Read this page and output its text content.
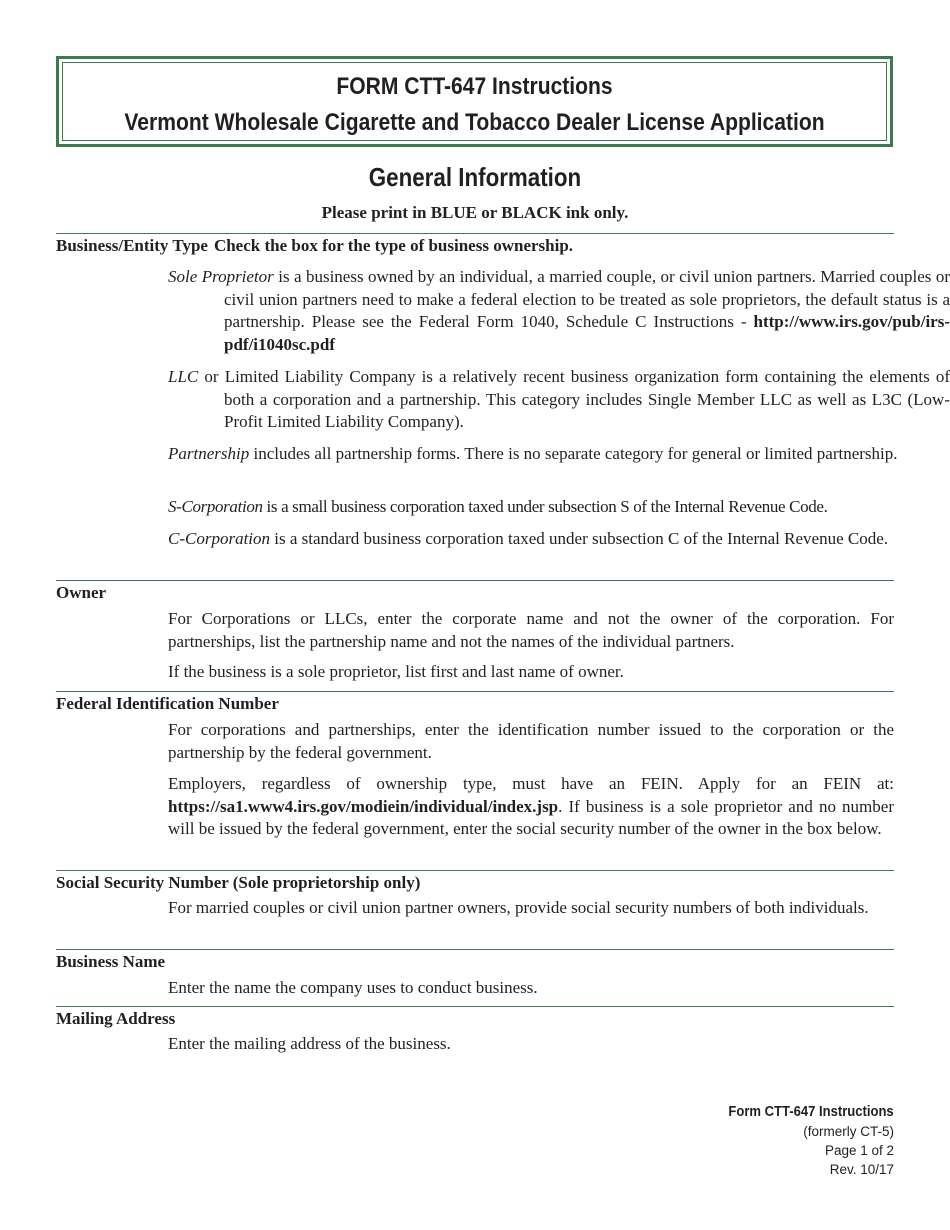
FORM CTT-647 Instructions
Vermont Wholesale Cigarette and Tobacco Dealer License Application
General Information
Please print in BLUE or BLACK ink only.
Business/Entity Type Check the box for the type of business ownership.
Sole Proprietor is a business owned by an individual, a married couple, or civil union partners. Married couples or civil union partners need to make a federal election to be treated as sole proprietors, the default status is a partnership. Please see the Federal Form 1040, Schedule C Instructions - http://www.irs.gov/pub/irs-pdf/i1040sc.pdf
LLC or Limited Liability Company is a relatively recent business organization form containing the elements of both a corporation and a partnership. This category includes Single Member LLC as well as L3C (Low-Profit Limited Liability Company).
Partnership includes all partnership forms. There is no separate category for general or limited partnership.
S-Corporation is a small business corporation taxed under subsection S of the Internal Revenue Code.
C-Corporation is a standard business corporation taxed under subsection C of the Internal Revenue Code.
Owner
For Corporations or LLCs, enter the corporate name and not the owner of the corporation. For partnerships, list the partnership name and not the names of the individual partners.
If the business is a sole proprietor, list first and last name of owner.
Federal Identification Number
For corporations and partnerships, enter the identification number issued to the corporation or the partnership by the federal government.
Employers, regardless of ownership type, must have an FEIN. Apply for an FEIN at: https://sa1.www4.irs.gov/modiein/individual/index.jsp. If business is a sole proprietor and no number will be issued by the federal government, enter the social security number of the owner in the box below.
Social Security Number (Sole proprietorship only)
For married couples or civil union partner owners, provide social security numbers of both individuals.
Business Name
Enter the name the company uses to conduct business.
Mailing Address
Enter the mailing address of the business.
Form CTT-647 Instructions
(formerly CT-5)
Page 1 of 2
Rev. 10/17
